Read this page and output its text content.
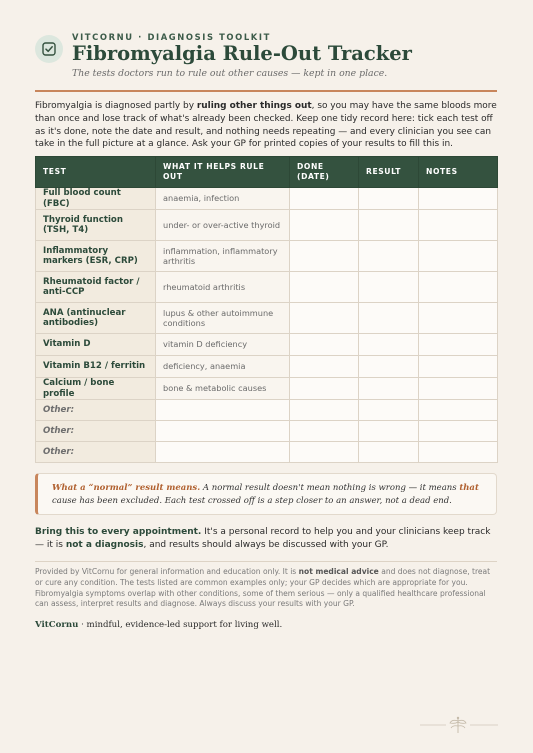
VITCORNU · DIAGNOSIS TOOLKIT
Fibromyalgia Rule-Out Tracker
The tests doctors run to rule out other causes — kept in one place.

Fibromyalgia is diagnosed partly by ruling other things out, so you may have the same bloods more than once and lose track of what's already been checked. Keep one tidy record here: tick each test off as it's done, note the date and result, and nothing needs repeating — and every clinician you see can take in the full picture at a glance. Ask your GP for printed copies of your results to fill this in.

TEST	WHAT IT HELPS RULE OUT	DONE (DATE)	RESULT	NOTES
Full blood count (FBC)	anaemia, infection			
Thyroid function (TSH, T4)	under- or over-active thyroid			
Inflammatory markers (ESR, CRP)	inflammation, inflammatory arthritis			
Rheumatoid factor / anti-CCP	rheumatoid arthritis			
ANA (antinuclear antibodies)	lupus & other autoimmune conditions			
Vitamin D	vitamin D deficiency			
Vitamin B12 / ferritin	deficiency, anaemia			
Calcium / bone profile	bone & metabolic causes			
Other:				
Other:				
Other:				

What a “normal” result means. A normal result doesn't mean nothing is wrong — it means that cause has been excluded. Each test crossed off is a step closer to an answer, not a dead end.

Bring this to every appointment. It's a personal record to help you and your clinicians keep track — it is not a diagnosis, and results should always be discussed with your GP.

Provided by VitCornu for general information and education only. It is not medical advice and does not diagnose, treat or cure any condition. The tests listed are common examples only; your GP decides which are appropriate for you. Fibromyalgia symptoms overlap with other conditions, some of them serious — only a qualified healthcare professional can assess, interpret results and diagnose. Always discuss your results with your GP.

VitCornu · mindful, evidence-led support for living well.
